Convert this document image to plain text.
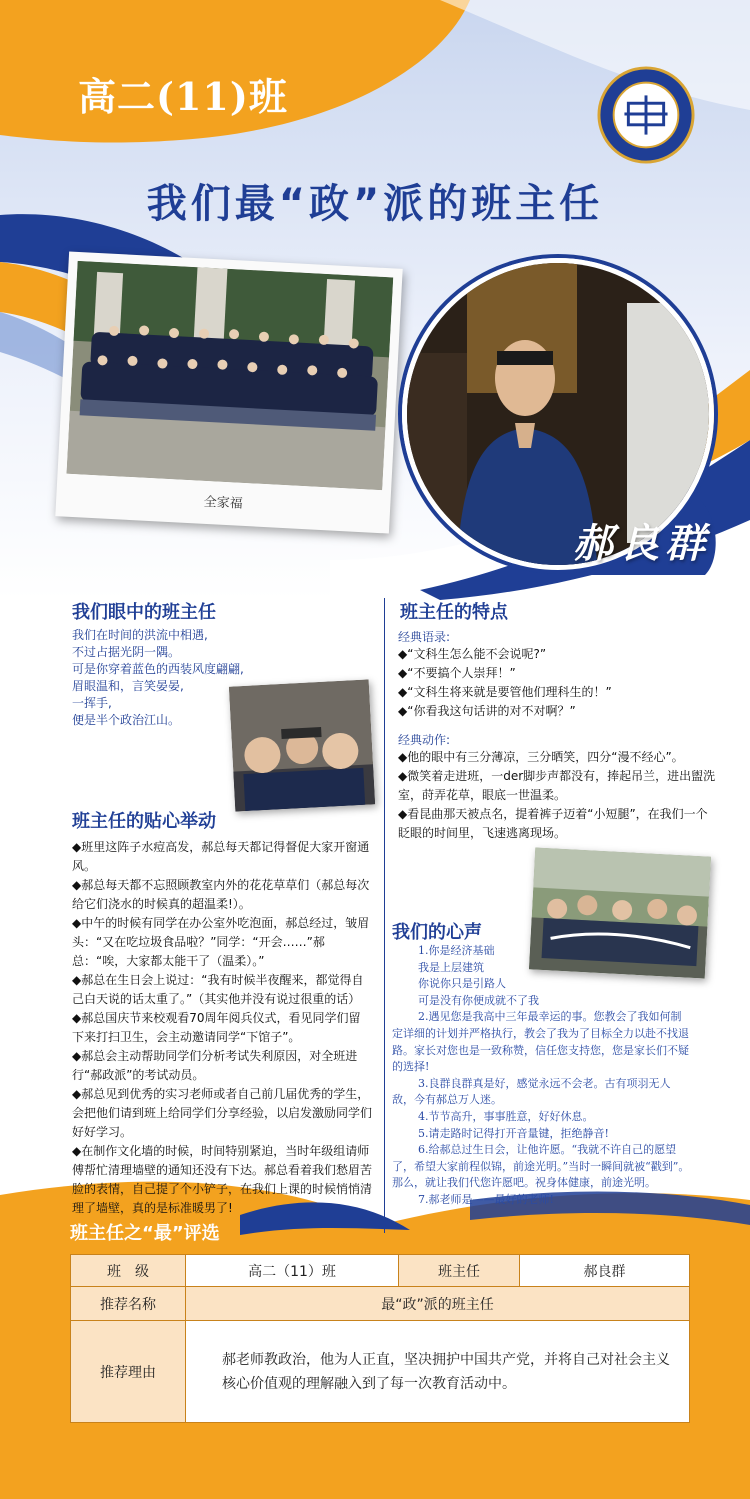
高二(11)班
我们最“政”派的班主任
全家福
郝良群
我们眼中的班主任
我们在时间的洪流中相遇,
不过占据光阴一隅。
可是你穿着蓝色的西装风度翩翩,
眉眼温和，言笑晏晏,
一挥手,
便是半个政治江山。
班主任的特点
经典语录:
◆“文科生怎么能不会说呢?”
◆“不要搞个人崇拜！”
◆“文科生将来就是要管他们理科生的！”
◆“你看我这句话讲的对不对啊？”
经典动作:
◆他的眼中有三分薄凉，三分晒笑，四分“漫不经心”。
◆微笑着走进班，一der脚步声都没有，捧起吊兰，进出盥洗室，莳弄花草，眼底一世温柔。
◆看昆曲那天被点名，提着裤子迈着“小短腿”，在我们一个眨眼的时间里，飞速逃离现场。
班主任的贴心举动
◆班里这阵子水痘高发，郝总每天都记得督促大家开窗通风。
◆郝总每天都不忘照顾教室内外的花花草草们（郝总每次给它们浇水的时候真的超温柔!）。
◆中午的时候有同学在办公室外吃泡面，郝总经过，皱眉头：“又在吃垃圾食品啦？”同学：“开会……”郝总：“唉，大家都太能干了（温柔）。”
◆郝总在生日会上说过：“我有时候半夜醒来，都觉得自己白天说的话太重了。”（其实他并没有说过很重的话）
◆郝总国庆节来校观看70周年阅兵仪式，看见同学们留下来打扫卫生，会主动邀请同学“下馆子”。
◆郝总会主动帮助同学们分析考试失利原因，对全班进行“郝政派”的考试动员。
◆郝总见到优秀的实习老师或者自己前几届优秀的学生，会把他们请到班上给同学们分享经验，以启发激励同学们好好学习。
◆在制作文化墙的时候，时间特别紧迫，当时年级组请师傅帮忙清理墙壁的通知还没有下达。郝总看着我们愁眉苦脸的表情，自己提了个小铲子，在我们上课的时候悄悄清理了墙壁，真的是标准暖男了!
我们的心声

1.你是经济基础

我是上层建筑

你说你只是引路人

可是没有你便成就不了我

2.遇见您是我高中三年最幸运的事。您教会了我如何制定详细的计划并严格执行，教会了我为了目标全力以赴不找退路。家长对您也是一致称赞，信任您支持您，您是家长们不疑的选择!

3.良群良群真是好，感觉永远不会老。古有项羽无人敌，今有郝总万人迷。

4.节节高升，事事胜意，好好休息。

5.请走路时记得打开音量键，拒绝静音!

6.给郝总过生日会，让他许愿。“我就不许自己的愿望了，希望大家前程似锦，前途光明。”当时一瞬间就被“戳到”。那么，就让我们代您许愿吧。祝身体健康，前途光明。

7.郝老师是——最好的老师!

班主任之“最”评选
班　级	高二（11）班	班主任	郝良群
推荐名称	最“政”派的班主任		
推荐理由	郝老师教政治，他为人正直，坚决拥护中国共产党，并将自己对社会主义核心价值观的理解融入到了每一次教育活动中。		
